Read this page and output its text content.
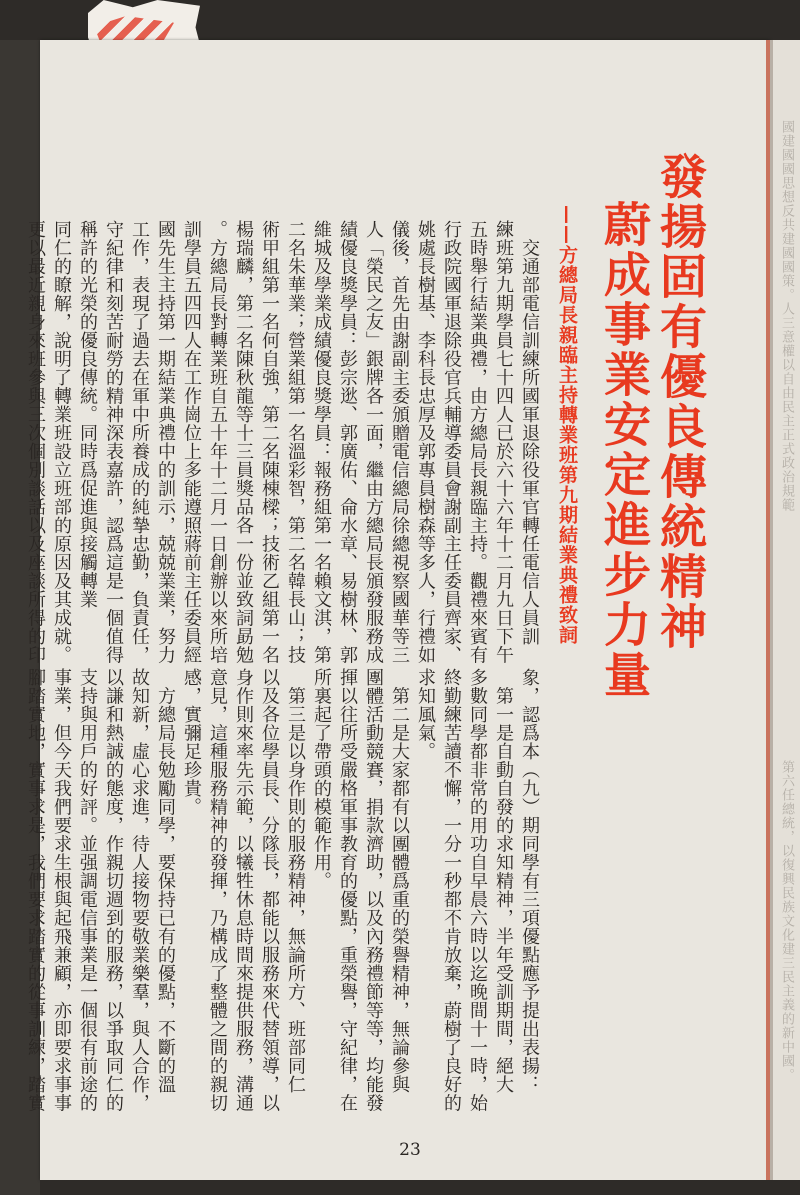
國建國國思想反共建國國策。人三意權以自由民主正式政治規範
第六任總統，以復興民族文化建三民主義的新中國。
發揚固有優良傳統精神
蔚成事業安定進步力量
——方總局長親臨主持轉業班第九期結業典禮致詞
　交通部電信訓練所國軍退除役軍官轉任電信人員訓
練班第九期學員七十四人已於六十六年十二月九日下午
五時舉行結業典禮，由方總局長親臨主持。觀禮來賓有
行政院國軍退除役官兵輔導委員會謝副主任委員齊家、
姚處長樹基、李科長忠厚及郭專員樹森等多人，行禮如
儀後，首先由謝副主委頒贈電信總局徐總視察國華等三
人「榮民之友」銀牌各一面，繼由方總局長頒發服務成
績優良獎學員：彭宗逖、郭廣佑、侖水章、易樹林、郭
維城及學業成績優良獎學員：報務組第一名賴文淇，第
二名朱華業；營業組第一名溫彩智，第二名韓長山；技
術甲組第一名何自強，第二名陳棟樑；技術乙組第一名
楊瑞麟，第二名陳秋龍等十三員獎品各一份並致詞勗勉
。方總局長對轉業班自五十年十二月一日創辦以來所培
訓學員五四四人在工作崗位上多能遵照蔣前主任委員經
國先生主持第一期結業典禮中的訓示，兢兢業業，努力
工作，表現了過去在軍中所養成的純摯忠勤，負責任，
守紀律和刻苦耐勞的精神深表嘉許，認爲這是一個值得
稱許的光榮的優良傳統。同時爲促進與接觸轉業
同仁的瞭解，說明了轉業班設立班部的原因及其成就。
更以最近親身來班參與三次個別談話以及座談所得的印
象，認爲本（九）期同學有三項優點應予提出表揚：
　第一是自動自發的求知精神，半年受訓期間，絕大
多數同學都非常的用功自早晨六時以迄晚間十一時，始
終勤練苦讀不懈，一分一秒都不肯放棄，蔚樹了良好的
求知風氣。
　第二是大家都有以團體爲重的榮譽精神，無論參與
團體活動競賽，捐款濟助，以及內務禮節等等，均能發
揮以往所受嚴格軍事教育的優點，重榮譽，守紀律，在
所裏起了帶頭的模範作用。
　第三是以身作則的服務精神，無論所方、班部同仁
以及各位學員長、分隊長，都能以服務來代替領導，以
身作則來率先示範，以犧牲休息時間來提供服務，溝通
意見，這種服務精神的發揮，乃構成了整體之間的親切
感，實彌足珍貴。
　方總局長勉勵同學，要保持已有的優點，不斷的溫
故知新，虛心求進，待人接物要敬業樂羣，與人合作，
以謙和熱誠的態度，作親切週到的服務，以爭取同仁的
支持與用戶的好評。並强調電信事業是一個很有前途的
事業，但今天我們要求生根與起飛兼顧，亦即要求事事
腳踏實地，實事求是，我們要求踏實的從事訓練，踏實
23
